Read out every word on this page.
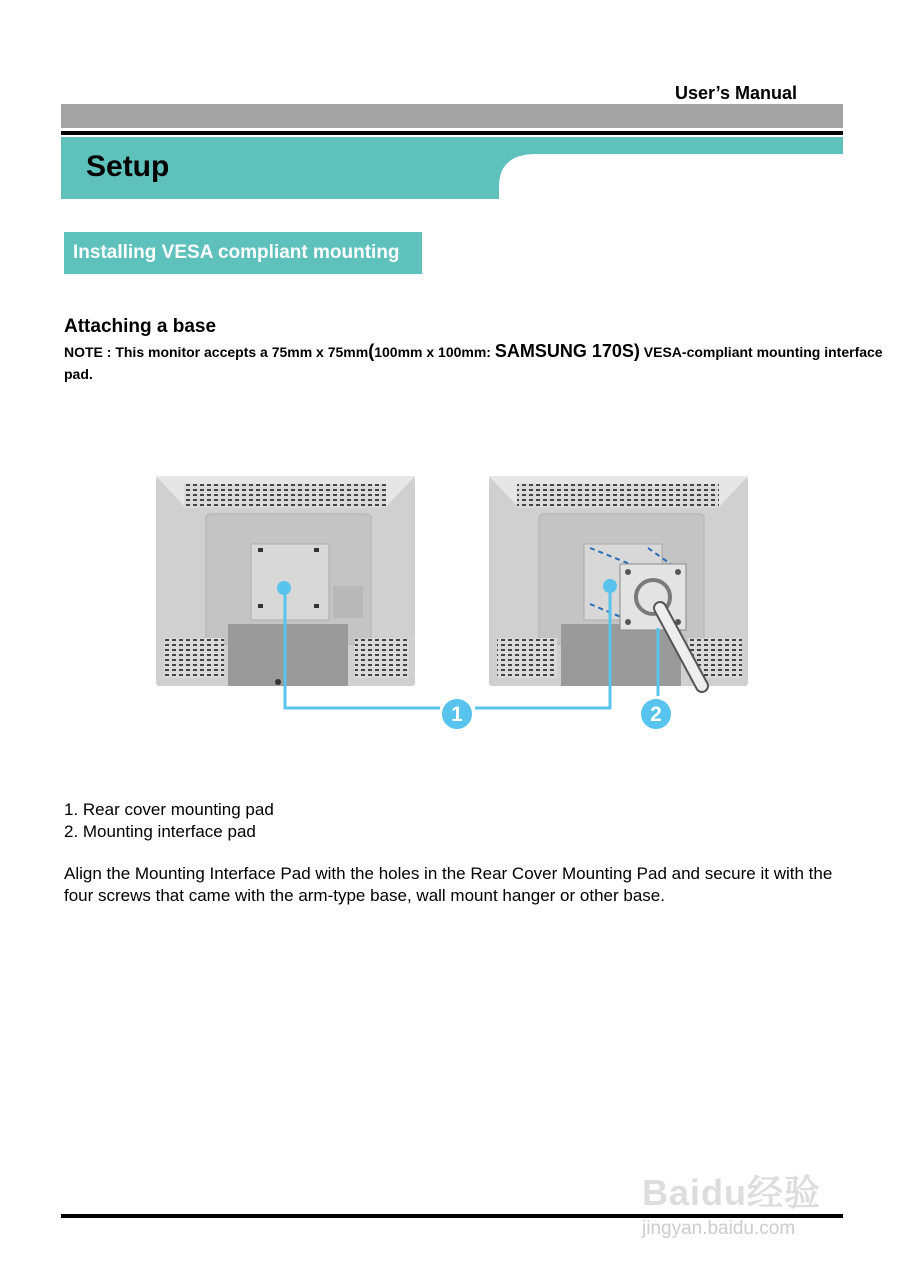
User’s Manual
Setup
Installing VESA compliant mounting
Attaching a base
NOTE : This monitor accepts a 75mm x 75mm(100mm x 100mm: SAMSUNG 170S) VESA-compliant mounting interface pad.
1	2
1. Rear cover mounting pad
2. Mounting interface pad
Align the Mounting Interface Pad with the holes in the Rear Cover Mounting Pad and secure it with the four screws that came with the arm-type base, wall mount hanger or other base.
Baidu经验
jingyan.baidu.com
